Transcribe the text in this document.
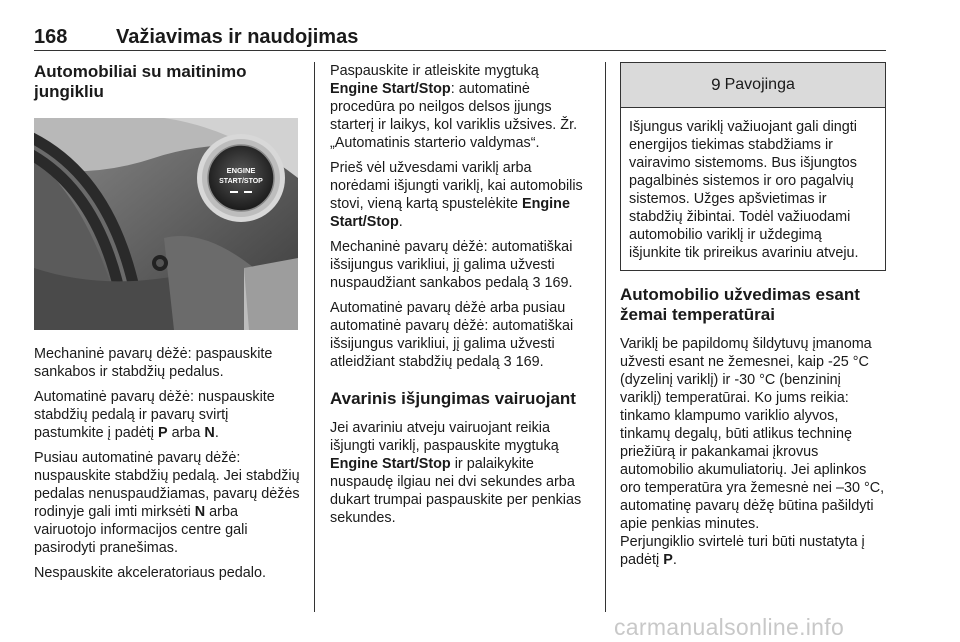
168 Važiavimas ir naudojimas
Automobiliai su maitinimo jungikliu
ENGINE
START/STOP

Mechaninė pavarų dėžė: paspauskite sankabos ir stabdžių pedalus.

Automatinė pavarų dėžė: nuspauskite stabdžių pedalą ir pavarų svirtį pastumkite į padėtį P arba N.

Pusiau automatinė pavarų dėžė: nuspauskite stabdžių pedalą. Jei stabdžių pedalas nenuspaudžiamas, pavarų dėžės rodinyje gali imti mirksėti N arba vairuotojo informacijos centre gali pasirodyti pranešimas.

Nespauskite akceleratoriaus pedalo.

Paspauskite ir atleiskite mygtuką Engine Start/Stop: automatinė procedūra po neilgos delsos įjungs starterį ir laikys, kol variklis užsives. Žr. „Automatinis starterio valdymas“.

Prieš vėl užvesdami variklį arba norėdami išjungti variklį, kai automobilis stovi, vieną kartą spustelėkite Engine Start/Stop.

Mechaninė pavarų dėžė: automatiškai išsijungus varikliui, jį galima užvesti nuspaudžiant sankabos pedalą 3 169.

Automatinė pavarų dėžė arba pusiau automatinė pavarų dėžė: automatiškai išsijungus varikliui, jį galima užvesti atleidžiant stabdžių pedalą 3 169.

Avarinis išjungimas vairuojant

Jei avariniu atveju vairuojant reikia išjungti variklį, paspauskite mygtuką Engine Start/Stop ir palaikykite nuspaudę ilgiau nei dvi sekundes arba dukart trumpai paspauskite per penkias sekundes.

9 Pavojinga

Išjungus variklį važiuojant gali dingti energijos tiekimas stabdžiams ir vairavimo sistemoms. Bus išjungtos pagalbinės sistemos ir oro pagalvių sistemos. Užges apšvietimas ir stabdžių žibintai. Todėl važiuodami automobilio variklį ir uždegimą išjunkite tik prireikus avariniu atveju.

Automobilio užvedimas esant žemai temperatūrai

Variklį be papildomų šildytuvų įmanoma užvesti esant ne žemesnei, kaip -25 °C (dyzelinį variklį) ir -30 °C (benzininį variklį) temperatūrai. Ko jums reikia: tinkamo klampumo variklio alyvos, tinkamų degalų, būti atlikus techninę priežiūrą ir pakankamai įkrovus automobilio akumuliatorių. Jei aplinkos oro temperatūra yra žemesnė nei –30 °C, automatinę pavarų dėžę būtina pašildyti apie penkias minutes.

Perjungiklio svirtelė turi būti nustatyta į padėtį P.

carmanualsonline.info
